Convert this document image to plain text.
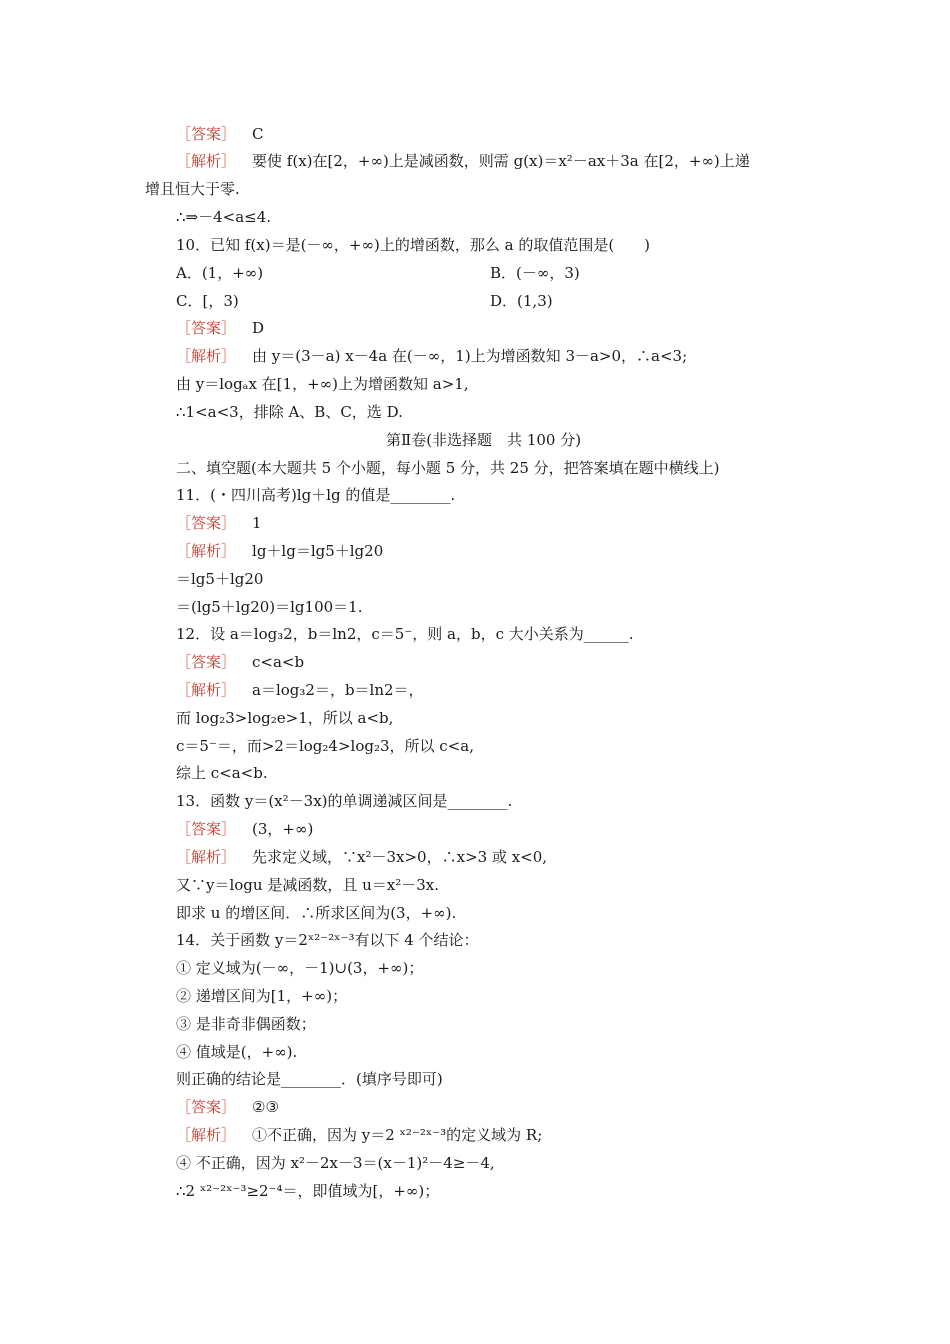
［答案］ C
［解析］ 要使 f(x)在[2，+∞)上是减函数，则需 g(x)＝x²－ax＋3a 在[2，+∞)上递
增且恒大于零.
∴⇒－4<a≤4.
10．已知 f(x)＝是(－∞，+∞)上的增函数，那么 a 的取值范围是(　　)
A．(1，+∞)	B．(－∞，3)
C．[，3)	D．(1,3)
［答案］ D
［解析］ 由 y＝(3－a) x－4a 在(－∞，1)上为增函数知 3－a>0，∴a<3;
由 y＝logₐx 在[1，+∞)上为增函数知 a>1,
∴1<a<3，排除 A、B、C，选 D.
第Ⅱ卷(非选择题　共 100 分)
二、填空题(本大题共 5 个小题，每小题 5 分，共 25 分，把答案填在题中横线上)
11．(・四川高考)lg＋lg 的值是________.
［答案］ 1
［解析］ lg＋lg＝lg5＋lg20
＝lg5＋lg20
＝(lg5＋lg20)＝lg100＝1.
12．设 a＝log₃2，b＝ln2，c＝5⁻，则 a，b，c 大小关系为______.
［答案］ c<a<b
［解析］ a＝log₃2＝，b＝ln2＝，
而 log₂3>log₂e>1，所以 a<b,
c＝5⁻＝，而>2＝log₂4>log₂3，所以 c<a,
综上 c<a<b.
13．函数 y＝(x²－3x)的单调递减区间是________.
［答案］ (3，+∞)
［解析］ 先求定义域，∵x²－3x>0，∴x>3 或 x<0,
又∵y＝logu 是减函数，且 u＝x²－3x.
即求 u 的增区间．∴所求区间为(3，+∞).
14．关于函数 y＝2ˣ²⁻²ˣ⁻³有以下 4 个结论：
① 定义域为(－∞，－1)∪(3，+∞)；
② 递增区间为[1，+∞)；
③ 是非奇非偶函数；
④ 值域是(，+∞).
则正确的结论是________．(填序号即可)
［答案］ ②③
［解析］ ①不正确，因为 y＝2 ˣ²⁻²ˣ⁻³的定义域为 R;
④ 不正确，因为 x²－2x－3＝(x－1)²－4≥－4,
∴2 ˣ²⁻²ˣ⁻³≥2⁻⁴＝，即值域为[，+∞)；
